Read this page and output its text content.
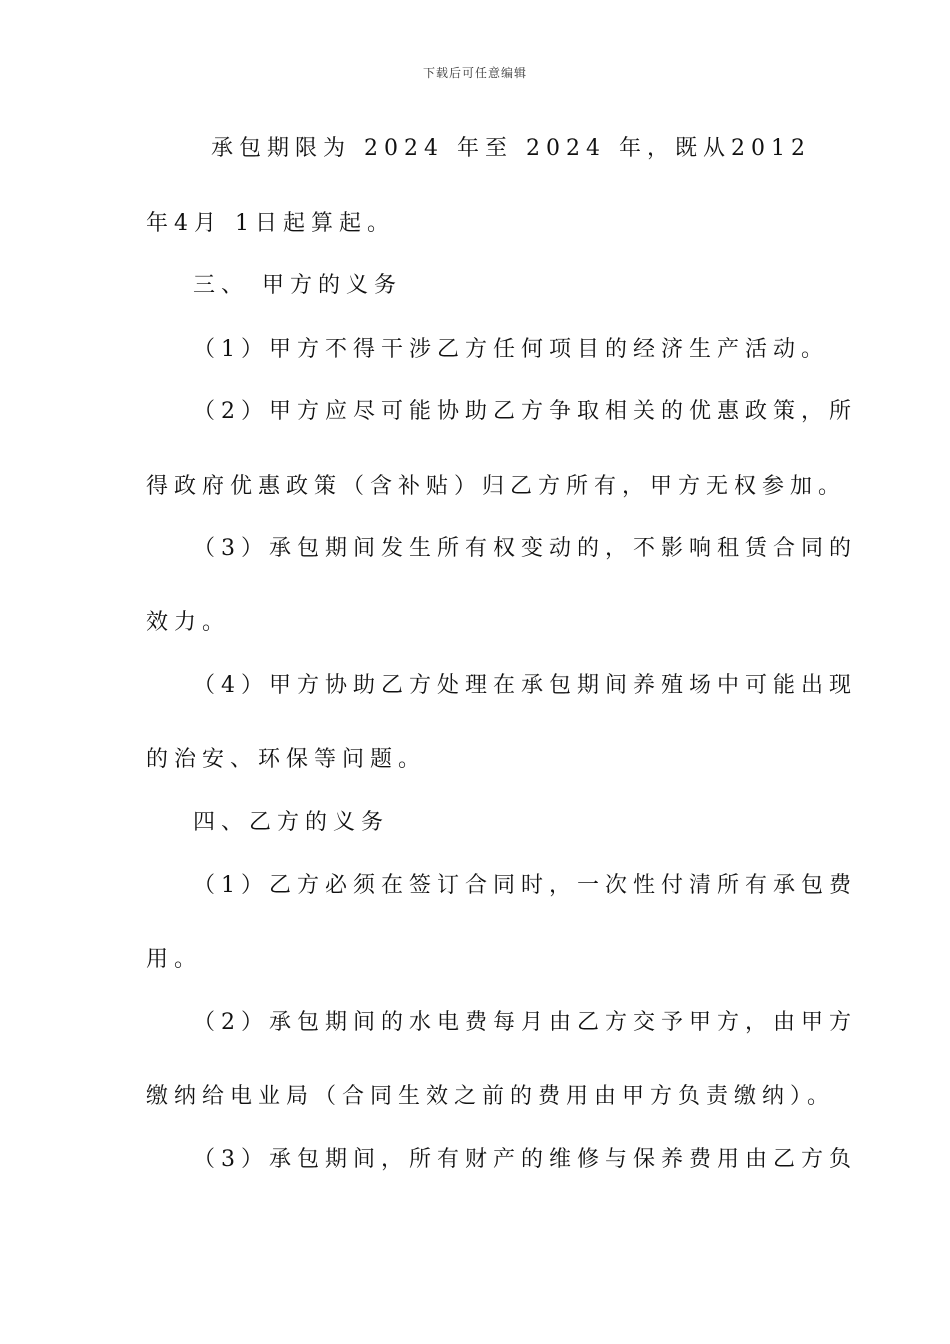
下载后可任意编辑
承包期限为 2024 年至 2024 年，既从2012
年4月 1日起算起。
三、 甲方的义务
（1）甲方不得干涉乙方任何项目的经济生产活动。
（2）甲方应尽可能协助乙方争取相关的优惠政策，所
得政府优惠政策（含补贴）归乙方所有，甲方无权参加。
（3）承包期间发生所有权变动的，不影响租赁合同的
效力。
（4）甲方协助乙方处理在承包期间养殖场中可能出现
的治安、环保等问题。
四、乙方的义务
（1）乙方必须在签订合同时，一次性付清所有承包费
用。
（2）承包期间的水电费每月由乙方交予甲方，由甲方
缴纳给电业局（合同生效之前的费用由甲方负责缴纳）。
（3）承包期间，所有财产的维修与保养费用由乙方负
